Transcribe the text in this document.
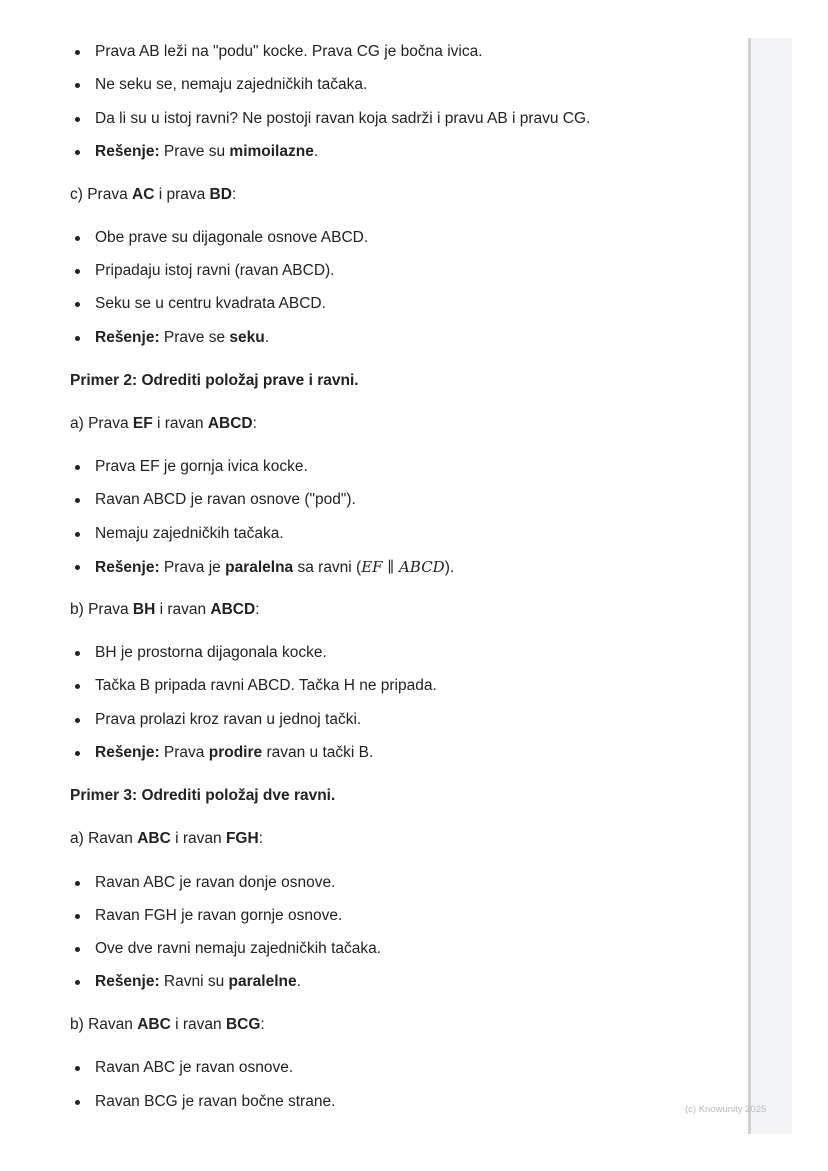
Prava AB leži na "podu" kocke. Prava CG je bočna ivica.
Ne seku se, nemaju zajedničkih tačaka.
Da li su u istoj ravni? Ne postoji ravan koja sadrži i pravu AB i pravu CG.
Rešenje: Prave su mimoilazne.
c) Prava AC i prava BD:
Obe prave su dijagonale osnove ABCD.
Pripadaju istoj ravni (ravan ABCD).
Seku se u centru kvadrata ABCD.
Rešenje: Prave se seku.
Primer 2: Odrediti položaj prave i ravni.
a) Prava EF i ravan ABCD:
Prava EF je gornja ivica kocke.
Ravan ABCD je ravan osnove ("pod").
Nemaju zajedničkih tačaka.
Rešenje: Prava je paralelna sa ravni (EF ∥ ABCD).
b) Prava BH i ravan ABCD:
BH je prostorna dijagonala kocke.
Tačka B pripada ravni ABCD. Tačka H ne pripada.
Prava prolazi kroz ravan u jednoj tački.
Rešenje: Prava prodire ravan u tački B.
Primer 3: Odrediti položaj dve ravni.
a) Ravan ABC i ravan FGH:
Ravan ABC je ravan donje osnove.
Ravan FGH je ravan gornje osnove.
Ove dve ravni nemaju zajedničkih tačaka.
Rešenje: Ravni su paralelne.
b) Ravan ABC i ravan BCG:
Ravan ABC je ravan osnove.
Ravan BCG je ravan bočne strane.	(c) Knowunity 2025
